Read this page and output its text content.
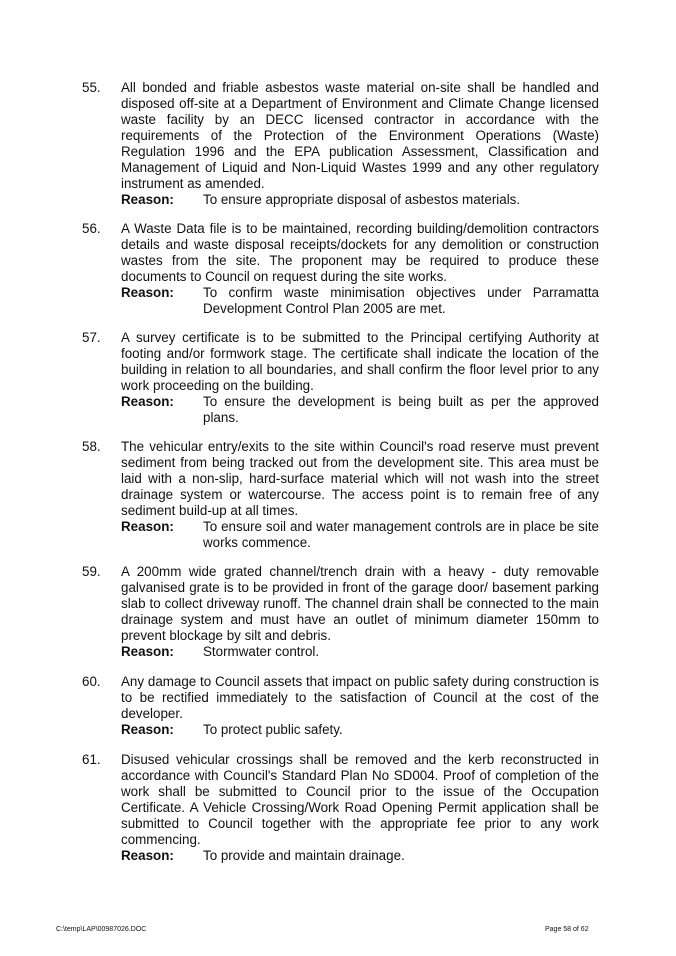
55. All bonded and friable asbestos waste material on-site shall be handled and disposed off-site at a Department of Environment and Climate Change licensed waste facility by an DECC licensed contractor in accordance with the requirements of the Protection of the Environment Operations (Waste) Regulation 1996 and the EPA publication Assessment, Classification and Management of Liquid and Non-Liquid Wastes 1999 and any other regulatory instrument as amended.

Reason: To ensure appropriate disposal of asbestos materials.
56. A Waste Data file is to be maintained, recording building/demolition contractors details and waste disposal receipts/dockets for any demolition or construction wastes from the site. The proponent may be required to produce these documents to Council on request during the site works.

Reason: To confirm waste minimisation objectives under Parramatta Development Control Plan 2005 are met.
57. A survey certificate is to be submitted to the Principal certifying Authority at footing and/or formwork stage. The certificate shall indicate the location of the building in relation to all boundaries, and shall confirm the floor level prior to any work proceeding on the building.

Reason: To ensure the development is being built as per the approved plans.
58. The vehicular entry/exits to the site within Council's road reserve must prevent sediment from being tracked out from the development site. This area must be laid with a non-slip, hard-surface material which will not wash into the street drainage system or watercourse. The access point is to remain free of any sediment build-up at all times.

Reason: To ensure soil and water management controls are in place be site works commence.
59. A 200mm wide grated channel/trench drain with a heavy - duty removable galvanised grate is to be provided in front of the garage door/ basement parking slab to collect driveway runoff. The channel drain shall be connected to the main drainage system and must have an outlet of minimum diameter 150mm to prevent blockage by silt and debris.

Reason: Stormwater control.
60. Any damage to Council assets that impact on public safety during construction is to be rectified immediately to the satisfaction of Council at the cost of the developer.

Reason: To protect public safety.
61. Disused vehicular crossings shall be removed and the kerb reconstructed in accordance with Council's Standard Plan No SD004. Proof of completion of the work shall be submitted to Council prior to the issue of the Occupation Certificate. A Vehicle Crossing/Work Road Opening Permit application shall be submitted to Council together with the appropriate fee prior to any work commencing.

Reason: To provide and maintain drainage.
C:\temp\LAP\00987026.DOC	Page 58 of 62
